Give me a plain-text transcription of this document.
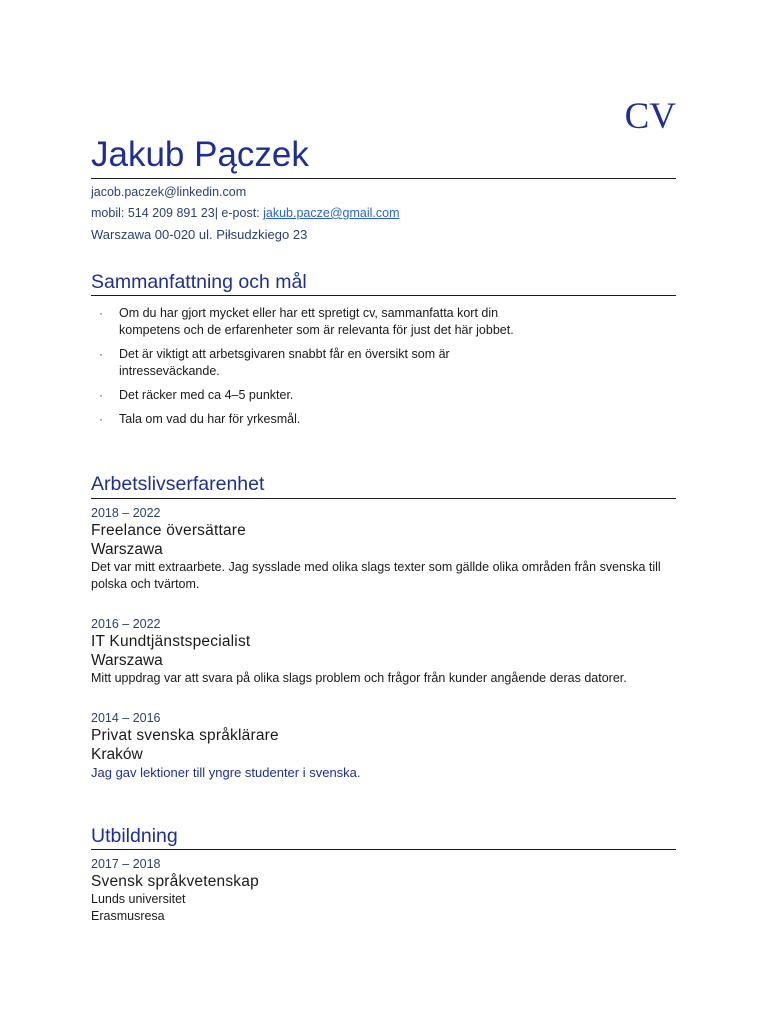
CV
Jakub Pączek
jacob.paczek@linkedin.com
mobil: 514 209 891 23| e-post: jakub.pacze@gmail.com
Warszawa 00-020 ul. Piłsudzkiego 23
Sammanfattning och mål
· Om du har gjort mycket eller har ett spretigt cv, sammanfatta kort din kompetens och de erfarenheter som är relevanta för just det här jobbet.
· Det är viktigt att arbetsgivaren snabbt får en översikt som är intresseväckande.
· Det räcker med ca 4–5 punkter.
· Tala om vad du har för yrkesmål.
Arbetslivserfarenhet
2018 – 2022
Freelance översättare
Warszawa
Det var mitt extraarbete. Jag sysslade med olika slags texter som gällde olika områden från svenska till polska och tvärtom.
2016 – 2022
IT Kundtjänstspecialist
Warszawa
Mitt uppdrag var att svara på olika slags problem och frågor från kunder angående deras datorer.
2014 – 2016
Privat svenska språklärare
Kraków
Jag gav lektioner till yngre studenter i svenska.
Utbildning
2017 – 2018
Svensk språkvetenskap
Lunds universitet
Erasmusresa
